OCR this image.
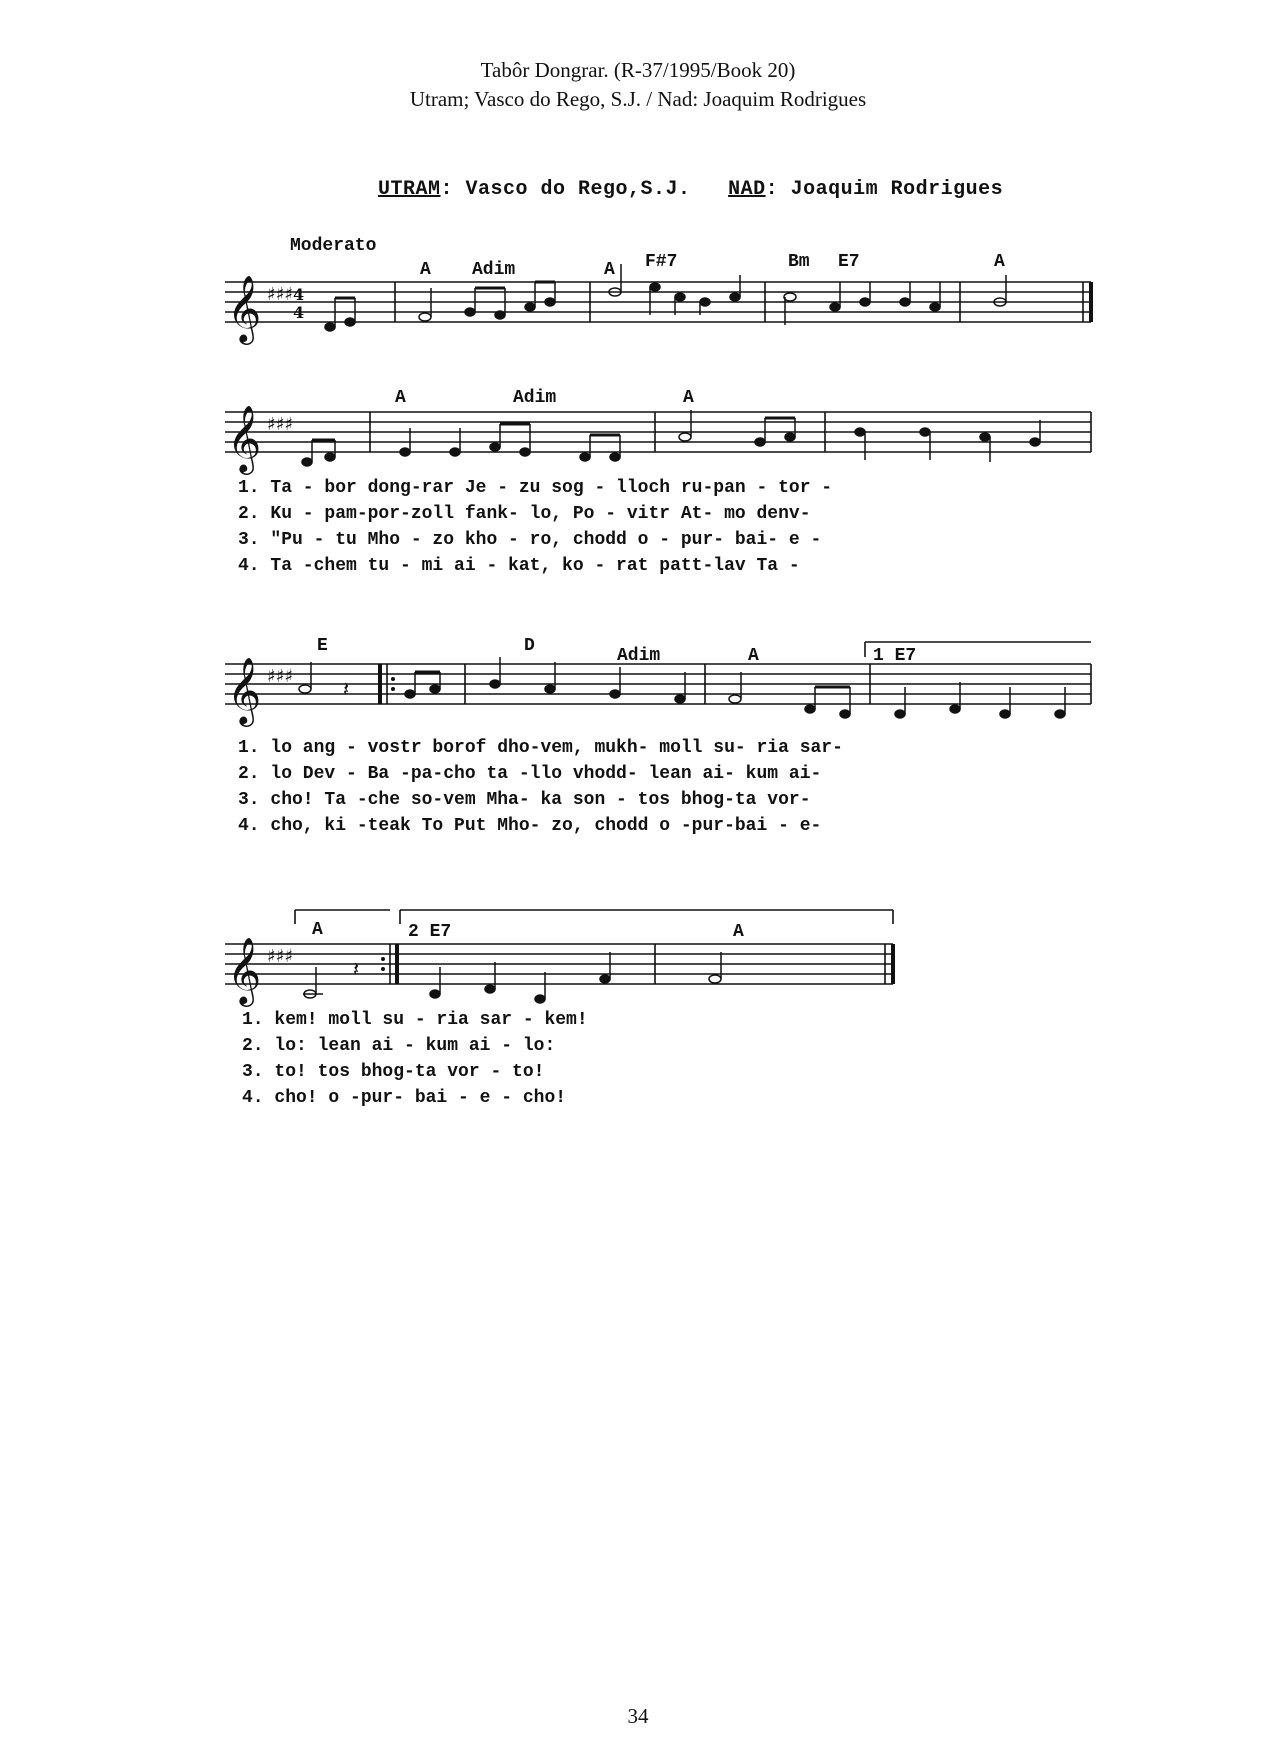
Tabôr Dongrar. (R-37/1995/Book 20)
Utram; Vasco do Rego, S.J. / Nad: Joaquim Rodrigues
UTRAM: Vasco do Rego,S.J. NAD: Joaquim Rodrigues
Moderato
A Adim	A F#7	Bm E7	A
𝄞 ♯♯♯ 4
4
A	Adim	A
𝄞 ♯♯♯
1. Ta - bor dong-rar Je - zu sog - lloch ru-pan - tor -
2. Ku - pam-por-zoll fank- lo, Po - vitr At- mo denv-
3. "Pu - tu Mho - zo kho - ro, chodd o - pur- bai- e -
4. Ta -chem tu - mi ai - kat, ko - rat patt-lav Ta -
E	D	Adim	A	1 E7
𝄞 ♯♯♯
𝄽
1. lo ang - vostr borof dho-vem, mukh- moll su- ria sar-
2. lo Dev - Ba -pa-cho ta -llo vhodd- lean ai- kum ai-
3. cho! Ta -che so-vem Mha- ka son - tos bhog-ta vor-
4. cho, ki -teak To Put Mho- zo, chodd o -pur-bai - e-
A	2 E7	A
𝄞 ♯♯♯
𝄽
1. kem! moll su - ria sar - kem!
2. lo: lean ai - kum ai - lo:
3. to! tos bhog-ta vor - to!
4. cho! o -pur- bai - e - cho!
34
